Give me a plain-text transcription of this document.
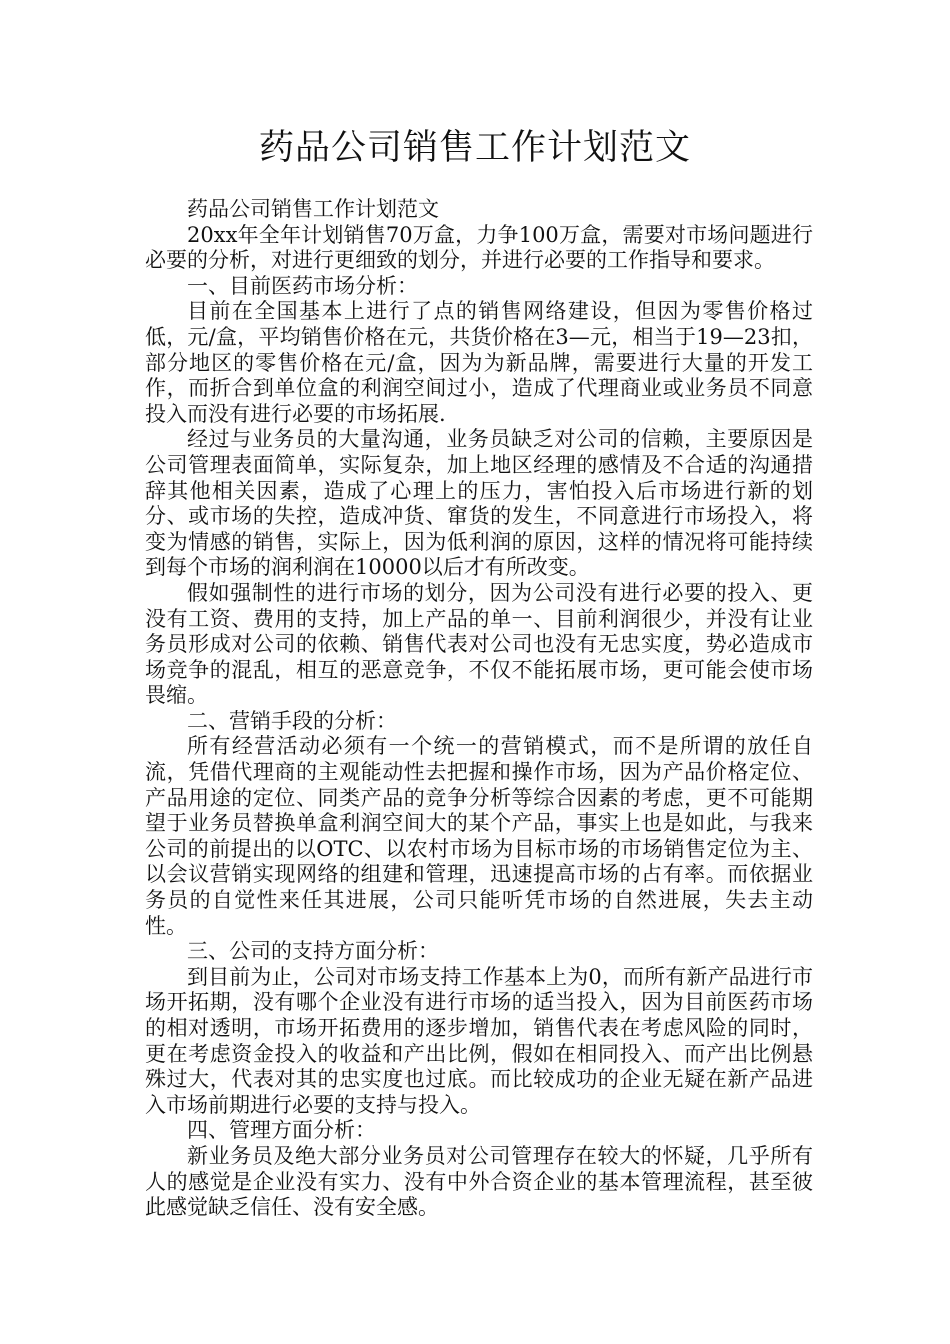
药品公司销售工作计划范文

药品公司销售工作计划范文

20xx年全年计划销售70万盒，力争100万盒，需要对市场问题进行必要的分析，对进行更细致的划分，并进行必要的工作指导和要求。

一、目前医药市场分析：

目前在全国基本上进行了点的销售网络建设，但因为零售价格过低，元/盒，平均销售价格在元，共货价格在3—元，相当于19—23扣，部分地区的零售价格在元/盒，因为为新品牌，需要进行大量的开发工作，而折合到单位盒的利润空间过小，造成了代理商业或业务员不同意投入而没有进行必要的市场拓展.

经过与业务员的大量沟通，业务员缺乏对公司的信赖，主要原因是公司管理表面简单，实际复杂，加上地区经理的感情及不合适的沟通措辞其他相关因素，造成了心理上的压力，害怕投入后市场进行新的划分、或市场的失控，造成冲货、窜货的发生，不同意进行市场投入，将变为情感的销售，实际上，因为低利润的原因，这样的情况将可能持续到每个市场的润利润在10000以后才有所改变。

假如强制性的进行市场的划分，因为公司没有进行必要的投入、更没有工资、费用的支持，加上产品的单一、目前利润很少，并没有让业务员形成对公司的依赖、销售代表对公司也没有无忠实度，势必造成市场竞争的混乱，相互的恶意竞争，不仅不能拓展市场，更可能会使市场畏缩。

二、营销手段的分析：

所有经营活动必须有一个统一的营销模式，而不是所谓的放任自流，凭借代理商的主观能动性去把握和操作市场，因为产品价格定位、产品用途的定位、同类产品的竞争分析等综合因素的考虑，更不可能期望于业务员替换单盒利润空间大的某个产品，事实上也是如此，与我来公司的前提出的以OTC、以农村市场为目标市场的市场销售定位为主、以会议营销实现网络的组建和管理，迅速提高市场的占有率。而依据业务员的自觉性来任其进展，公司只能听凭市场的自然进展，失去主动性。

三、公司的支持方面分析：

到目前为止，公司对市场支持工作基本上为0，而所有新产品进行市场开拓期，没有哪个企业没有进行市场的适当投入，因为目前医药市场的相对透明，市场开拓费用的逐步增加，销售代表在考虑风险的同时，更在考虑资金投入的收益和产出比例，假如在相同投入、而产出比例悬殊过大，代表对其的忠实度也过底。而比较成功的企业无疑在新产品进入市场前期进行必要的支持与投入。

四、管理方面分析：

新业务员及绝大部分业务员对公司管理存在较大的怀疑，几乎所有人的感觉是企业没有实力、没有中外合资企业的基本管理流程，甚至彼此感觉缺乏信任、没有安全感。
